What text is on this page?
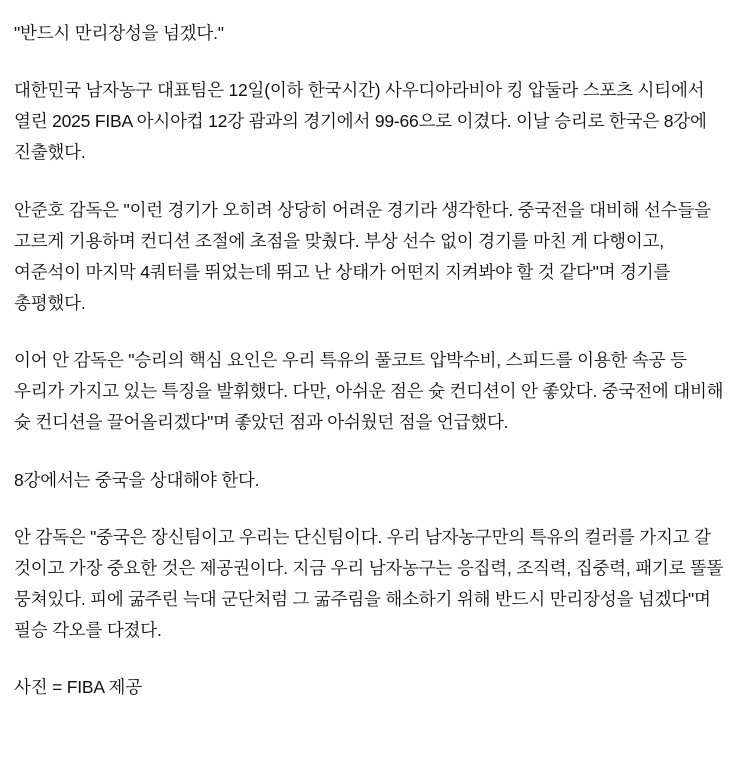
"반드시 만리장성을 넘겠다."

대한민국 남자농구 대표팀은 12일(이하 한국시간) 사우디아라비아 킹 압둘라 스포츠 시티에서 열린 2025 FIBA 아시아컵 12강 괌과의 경기에서 99-66으로 이겼다. 이날 승리로 한국은 8강에 진출했다.

안준호 감독은 "이런 경기가 오히려 상당히 어려운 경기라 생각한다. 중국전을 대비해 선수들을 고르게 기용하며 컨디션 조절에 초점을 맞췄다. 부상 선수 없이 경기를 마친 게 다행이고, 여준석이 마지막 4쿼터를 뛰었는데 뛰고 난 상태가 어떤지 지켜봐야 할 것 같다"며 경기를 총평했다.

이어 안 감독은 "승리의 핵심 요인은 우리 특유의 풀코트 압박수비, 스피드를 이용한 속공 등 우리가 가지고 있는 특징을 발휘했다. 다만, 아쉬운 점은 슛 컨디션이 안 좋았다. 중국전에 대비해 슛 컨디션을 끌어올리겠다"며 좋았던 점과 아쉬웠던 점을 언급했다.

8강에서는 중국을 상대해야 한다.

안 감독은 "중국은 장신팀이고 우리는 단신팀이다. 우리 남자농구만의 특유의 컬러를 가지고 갈 것이고 가장 중요한 것은 제공권이다. 지금 우리 남자농구는 응집력, 조직력, 집중력, 패기로 똘똘 뭉쳐있다. 피에 굶주린 늑대 군단처럼 그 굶주림을 해소하기 위해 반드시 만리장성을 넘겠다"며 필승 각오를 다졌다.

사진 = FIBA 제공
